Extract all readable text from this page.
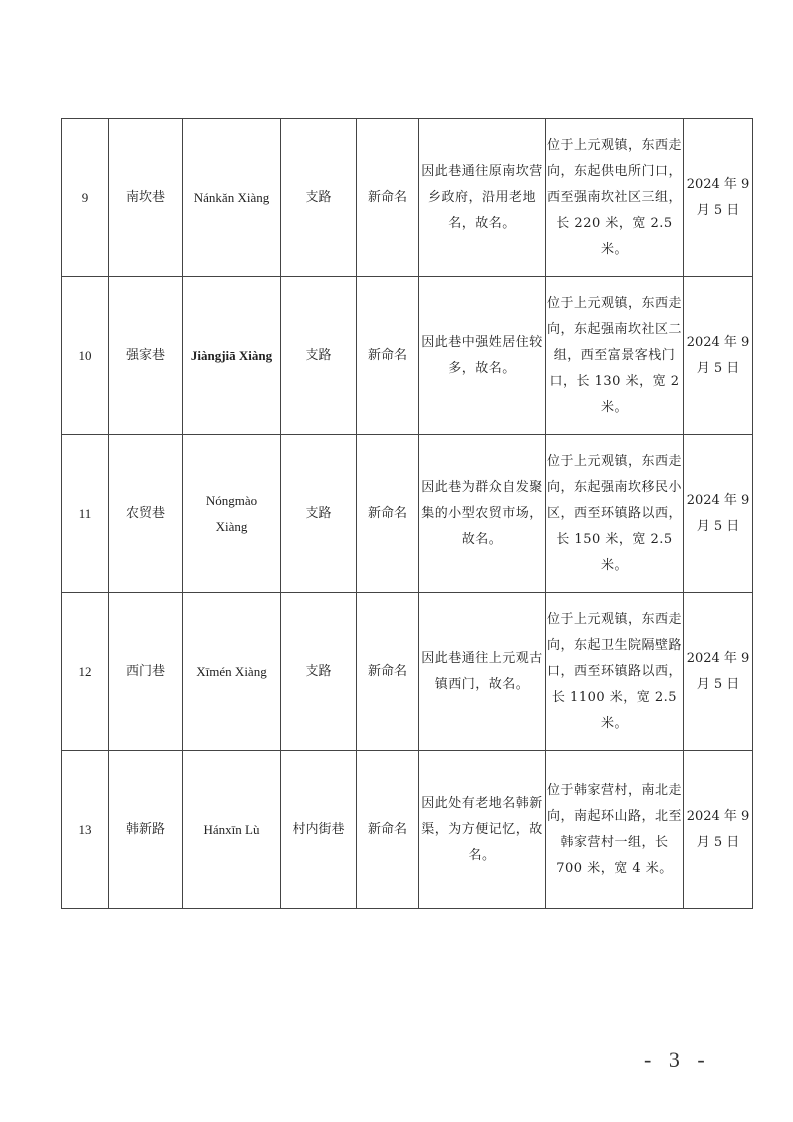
9	南坎巷	Nánkǎn Xiàng	支路	新命名	因此巷通往原南坎营乡政府，沿用老地名，故名。	位于上元观镇，东西走向，东起供电所门口，西至强南坎社区三组，长 220 米，宽 2.5 米。	2024 年 9 月 5 日
10	强家巷	Jiàngjiā Xiàng	支路	新命名	因此巷中强姓居住较多，故名。	位于上元观镇，东西走向，东起强南坎社区二组，西至富景客栈门口，长 130 米，宽 2 米。	2024 年 9 月 5 日
11	农贸巷	Nóngmào Xiàng	支路	新命名	因此巷为群众自发聚集的小型农贸市场，故名。	位于上元观镇，东西走向，东起强南坎移民小区，西至环镇路以西，长 150 米，宽 2.5 米。	2024 年 9 月 5 日
12	西门巷	Xīmén Xiàng	支路	新命名	因此巷通往上元观古镇西门，故名。	位于上元观镇，东西走向，东起卫生院隔壁路口，西至环镇路以西，长 1100 米，宽 2.5 米。	2024 年 9 月 5 日
13	韩新路	Hánxīn Lù	村内街巷	新命名	因此处有老地名韩新渠，为方便记忆，故名。	位于韩家营村，南北走向，南起环山路，北至韩家营村一组，长 700 米，宽 4 米。	2024 年 9 月 5 日
- 3 -
